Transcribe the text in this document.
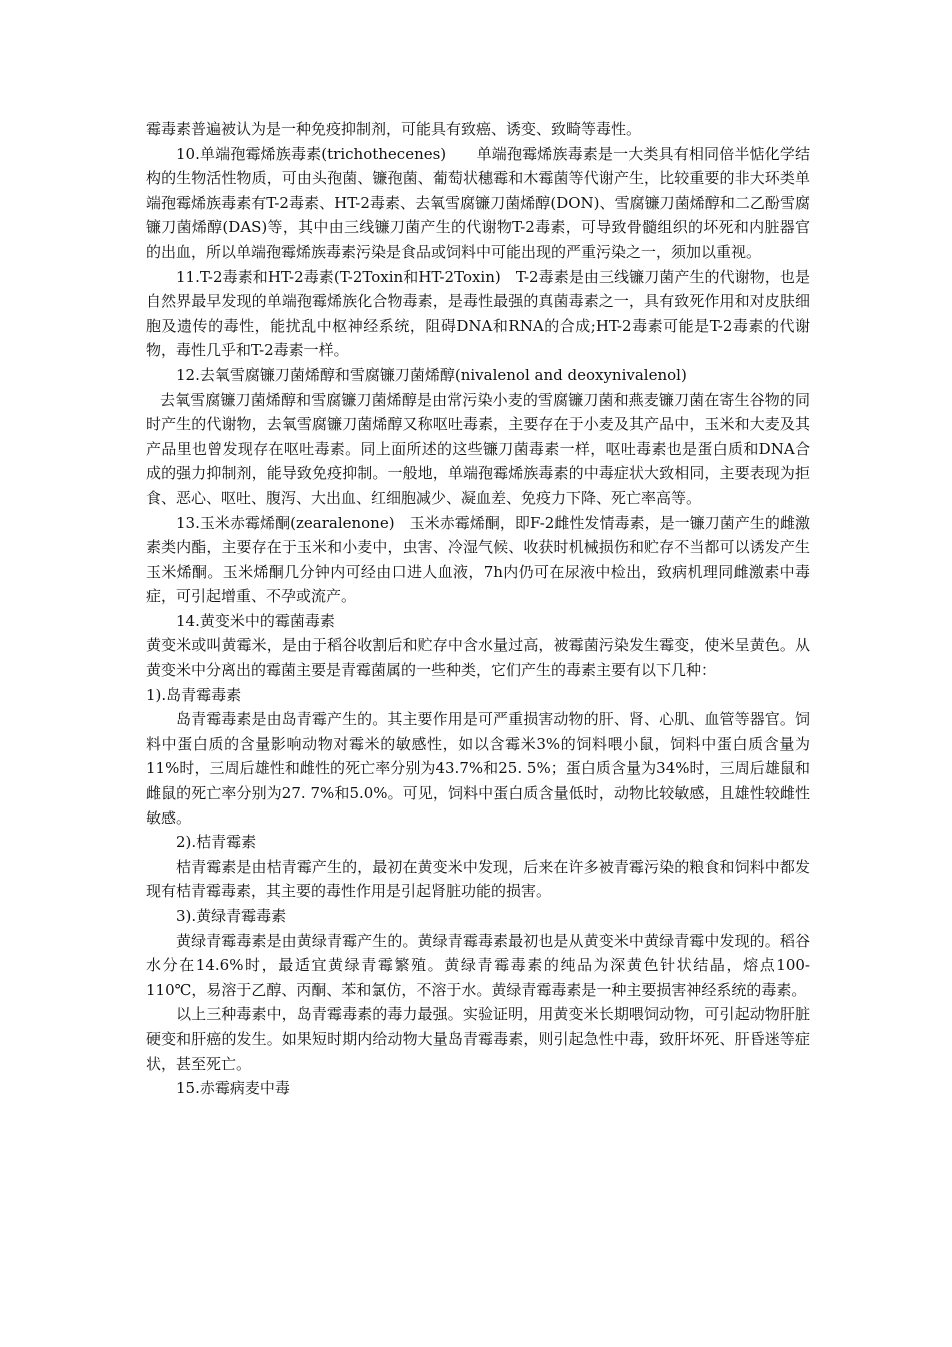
霉毒素普遍被认为是一种免疫抑制剂，可能具有致癌、诱变、致畸等毒性。

10.单端孢霉烯族毒素(trichothecenes)　　单端孢霉烯族毒素是一大类具有相同倍半惦化学结构的生物活性物质，可由头孢菌、镰孢菌、葡萄状穗霉和木霉菌等代谢产生，比较重要的非大环类单端孢霉烯族毒素有T-2毒素、HT-2毒素、去氧雪腐镰刀菌烯醇(DON)、雪腐镰刀菌烯醇和二乙酚雪腐镰刀菌烯醇(DAS)等，其中由三线镰刀菌产生的代谢物T-2毒素，可导致骨髓组织的坏死和内脏器官的出血，所以单端孢霉烯族毒素污染是食品或饲料中可能出现的严重污染之一，须加以重视。

11.T-2毒素和HT-2毒素(T-2Toxin和HT-2Toxin)　T-2毒素是由三线镰刀菌产生的代谢物，也是自然界最早发现的单端孢霉烯族化合物毒素，是毒性最强的真菌毒素之一，具有致死作用和对皮肤细胞及遗传的毒性，能扰乱中枢神经系统，阻碍DNA和RNA的合成;HT-2毒素可能是T-2毒素的代谢物，毒性几乎和T-2毒素一样。

12.去氧雪腐镰刀菌烯醇和雪腐镰刀菌烯醇(nivalenol and deoxynivalenol)

去氧雪腐镰刀菌烯醇和雪腐镰刀菌烯醇是由常污染小麦的雪腐镰刀菌和燕麦镰刀菌在寄生谷物的同时产生的代谢物，去氧雪腐镰刀菌烯醇又称呕吐毒素，主要存在于小麦及其产品中，玉米和大麦及其产品里也曾发现存在呕吐毒素。同上面所述的这些镰刀菌毒素一样，呕吐毒素也是蛋白质和DNA合成的强力抑制剂，能导致免疫抑制。一般地，单端孢霉烯族毒素的中毒症状大致相同，主要表现为拒食、恶心、呕吐、腹泻、大出血、红细胞减少、凝血差、免疫力下降、死亡率高等。

13.玉米赤霉烯酮(zearalenone)　玉米赤霉烯酮，即F-2雌性发情毒素，是一镰刀菌产生的雌激素类内酯，主要存在于玉米和小麦中，虫害、冷湿气候、收获时机械损伤和贮存不当都可以诱发产生玉米烯酮。玉米烯酮几分钟内可经由口进人血液，7h内仍可在尿液中检出，致病机理同雌激素中毒症，可引起增重、不孕或流产。

14.黄变米中的霉菌毒素

黄变米或叫黄霉米，是由于稻谷收割后和贮存中含水量过高，被霉菌污染发生霉变，使米呈黄色。从黄变米中分离出的霉菌主要是青霉菌属的一些种类，它们产生的毒素主要有以下几种：

1).岛青霉毒素

岛青霉毒素是由岛青霉产生的。其主要作用是可严重损害动物的肝、肾、心肌、血管等器官。饲料中蛋白质的含量影响动物对霉米的敏感性，如以含霉米3%的饲料喂小鼠，饲料中蛋白质含量为11%时，三周后雄性和雌性的死亡率分别为43.7%和25. 5%；蛋白质含量为34%时，三周后雄鼠和雌鼠的死亡率分别为27. 7%和5.0%。可见，饲料中蛋白质含量低时，动物比较敏感，且雄性较雌性敏感。

2).桔青霉素

桔青霉素是由桔青霉产生的，最初在黄变米中发现，后来在许多被青霉污染的粮食和饲料中都发现有桔青霉毒素，其主要的毒性作用是引起肾脏功能的损害。

3).黄绿青霉毒素

黄绿青霉毒素是由黄绿青霉产生的。黄绿青霉毒素最初也是从黄变米中黄绿青霉中发现的。稻谷水分在14.6%时，最适宜黄绿青霉繁殖。黄绿青霉毒素的纯品为深黄色针状结晶，熔点100-110℃，易溶于乙醇、丙酮、苯和氯仿，不溶于水。黄绿青霉毒素是一种主要损害神经系统的毒素。

以上三种毒素中，岛青霉毒素的毒力最强。实验证明，用黄变米长期喂饲动物，可引起动物肝脏硬变和肝癌的发生。如果短时期内给动物大量岛青霉毒素，则引起急性中毒，致肝坏死、肝昏迷等症状，甚至死亡。

15.赤霉病麦中毒
